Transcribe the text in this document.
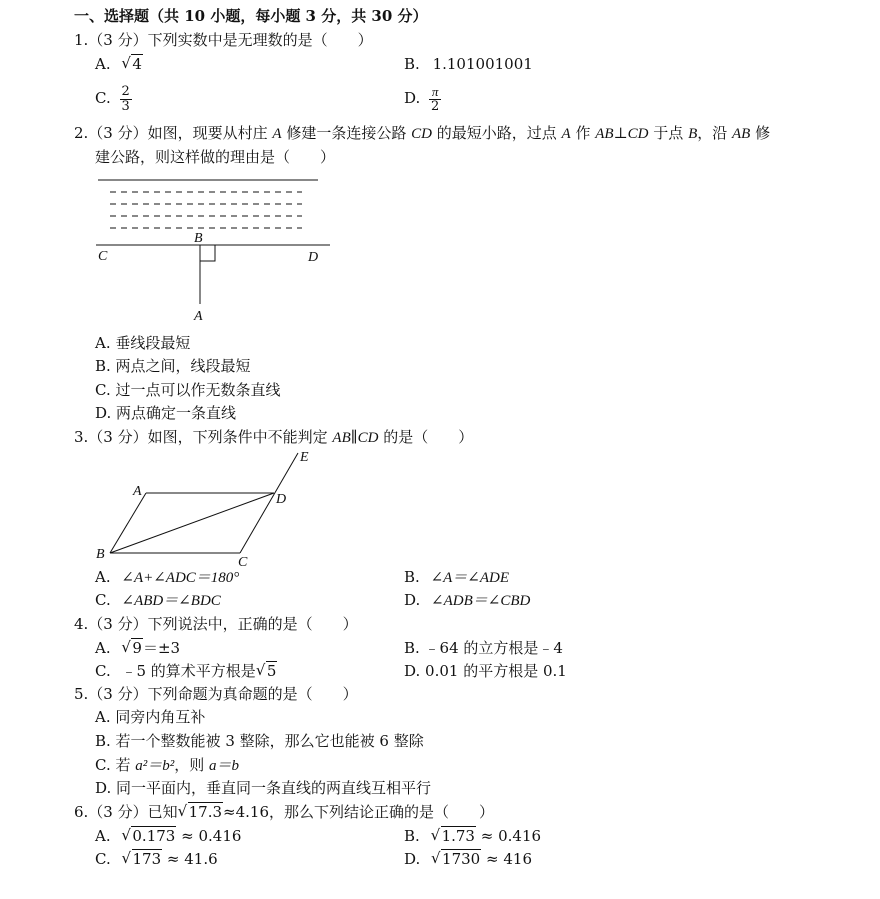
一、选择题（共 10 小题，每小题 3 分，共 30 分）
1.（3 分）下列实数中是无理数的是（　　）
A. √ 4	B. 1.101001001
C. $\frac{2}{3}$	D. $\frac{\pi}{2}$
2.（3 分）如图，现要从村庄 A 修建一条连接公路 CD 的最短小路，过点 A 作 AB⊥CD 于点 B，沿 AB 修
建公路，则这样做的理由是（　　）
B
C	D
A
A. 垂线段最短
B. 两点之间，线段最短
C. 过一点可以作无数条直线
D. 两点确定一条直线
3.（3 分）如图，下列条件中不能判定 AB∥CD 的是（　　）
E
A
D
B
C
A. ∠A+∠ADC＝180°	B. ∠A＝∠ADE
C. ∠ABD＝∠BDC	D. ∠ADB＝∠CBD
4.（3 分）下列说法中，正确的是（　　）
A. √ 9＝±3	B. ﹣64 的立方根是﹣4
C. ﹣5 的算术平方根是 √ 5	D. 0.01 的平方根是 0.1
5.（3 分）下列命题为真命题的是（　　）
A. 同旁内角互补
B. 若一个整数能被 3 整除，那么它也能被 6 整除
C. 若 a²＝b²，则 a＝b
D. 同一平面内，垂直同一条直线的两直线互相平行
6.（3 分）已知 √ 17.3≈4.16，那么下列结论正确的是（　　）
A. √ 0.173 ≈ 0.416	B. √ 1.73 ≈ 0.416
C. √ 173 ≈ 41.6	D. √ 1730 ≈ 416
